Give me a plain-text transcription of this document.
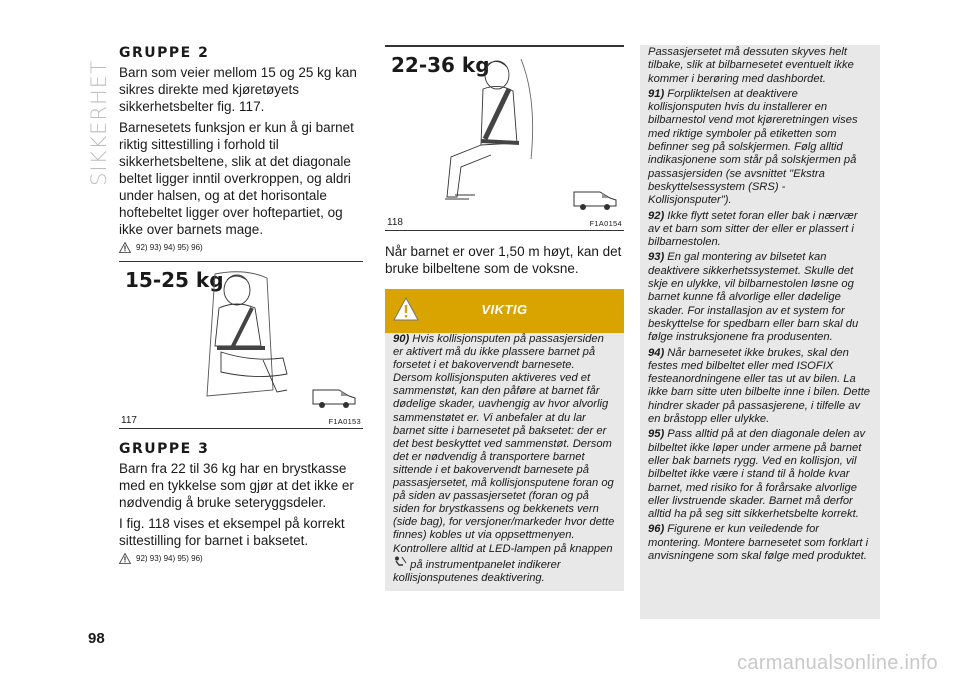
SIKKERHET
GRUPPE 2

Barn som veier mellom 15 og 25 kg kan sikres direkte med kjøretøyets sikkerhetsbelter fig. 117.

Barnesetets funksjon er kun å gi barnet riktig sittestilling i forhold til sikkerhetsbeltene, slik at det diagonale beltet ligger inntil overkroppen, og aldri under halsen, og at det horisontale hoftebeltet ligger over hoftepartiet, og ikke over barnets mage.

92) 93) 94) 95) 96)
15-25 kg
117	F1A0153
GRUPPE 3

Barn fra 22 til 36 kg har en brystkasse med en tykkelse som gjør at det ikke er nødvendig å bruke seteryggsdeler.

I fig. 118 vises et eksempel på korrekt sittestilling for barnet i baksetet.

92) 93) 94) 95) 96)
22-36 kg
118	F1A0154

Når barnet er over 1,50 m høyt, kan det bruke bilbeltene som de voksne.

VIKTIG
90) Hvis kollisjonsputen på passasjersiden er aktivert må du ikke plassere barnet på forsetet i et bakovervendt barnesete. Dersom kollisjonsputen aktiveres ved et sammenstøt, kan den påføre at barnet får dødelige skader, uavhengig av hvor alvorlig sammenstøtet er. Vi anbefaler at du lar barnet sitte i barnesetet på baksetet: der er det best beskyttet ved sammenstøt. Dersom det er nødvendig å transportere barnet sittende i et bakovervendt barnesete på passasjersetet, må kollisjonsputene foran og på siden av passasjersetet (foran og på siden for brystkassens og bekkenets vern (side bag), for versjoner/markeder hvor dette finnes) kobles ut via oppsettmenyen. Kontrollere alltid at LED-lampen på knappen  på instrumentpanelet indikerer kollisjonsputenes deaktivering.

Passasjersetet må dessuten skyves helt tilbake, slik at bilbarnesetet eventuelt ikke kommer i berøring med dashbordet.

91) Forpliktelsen at deaktivere kollisjonsputen hvis du installerer en bilbarnestol vend mot kjøreretningen vises med riktige symboler på etiketten som befinner seg på solskjermen. Følg alltid indikasjonene som står på solskjermen på passasjersiden (se avsnittet "Ekstra beskyttelsessystem (SRS) - Kollisjonsputer").

92) Ikke flytt setet foran eller bak i nærvær av et barn som sitter der eller er plassert i bilbarnestolen.

93) En gal montering av bilsetet kan deaktivere sikkerhetssystemet. Skulle det skje en ulykke, vil bilbarnestolen løsne og barnet kunne få alvorlige eller dødelige skader. For installasjon av et system for beskyttelse for spedbarn eller barn skal du følge instruksjonene fra produsenten.

94) Når barnesetet ikke brukes, skal den festes med bilbeltet eller med ISOFIX festeanordningene eller tas ut av bilen. La ikke barn sitte uten bilbelte inne i bilen. Dette hindrer skader på passasjerene, i tilfelle av en bråstopp eller ulykke.

95) Pass alltid på at den diagonale delen av bilbeltet ikke løper under armene på barnet eller bak barnets rygg. Ved en kollisjon, vil bilbeltet ikke være i stand til å holde kvar barnet, med risiko for å forårsake alvorlige eller livstruende skader. Barnet må derfor alltid ha på seg sitt sikkerhetsbelte korrekt.

96) Figurene er kun veiledende for montering. Montere barnesetet som forklart i anvisningene som skal følge med produktet.

98
carmanualsonline.info
